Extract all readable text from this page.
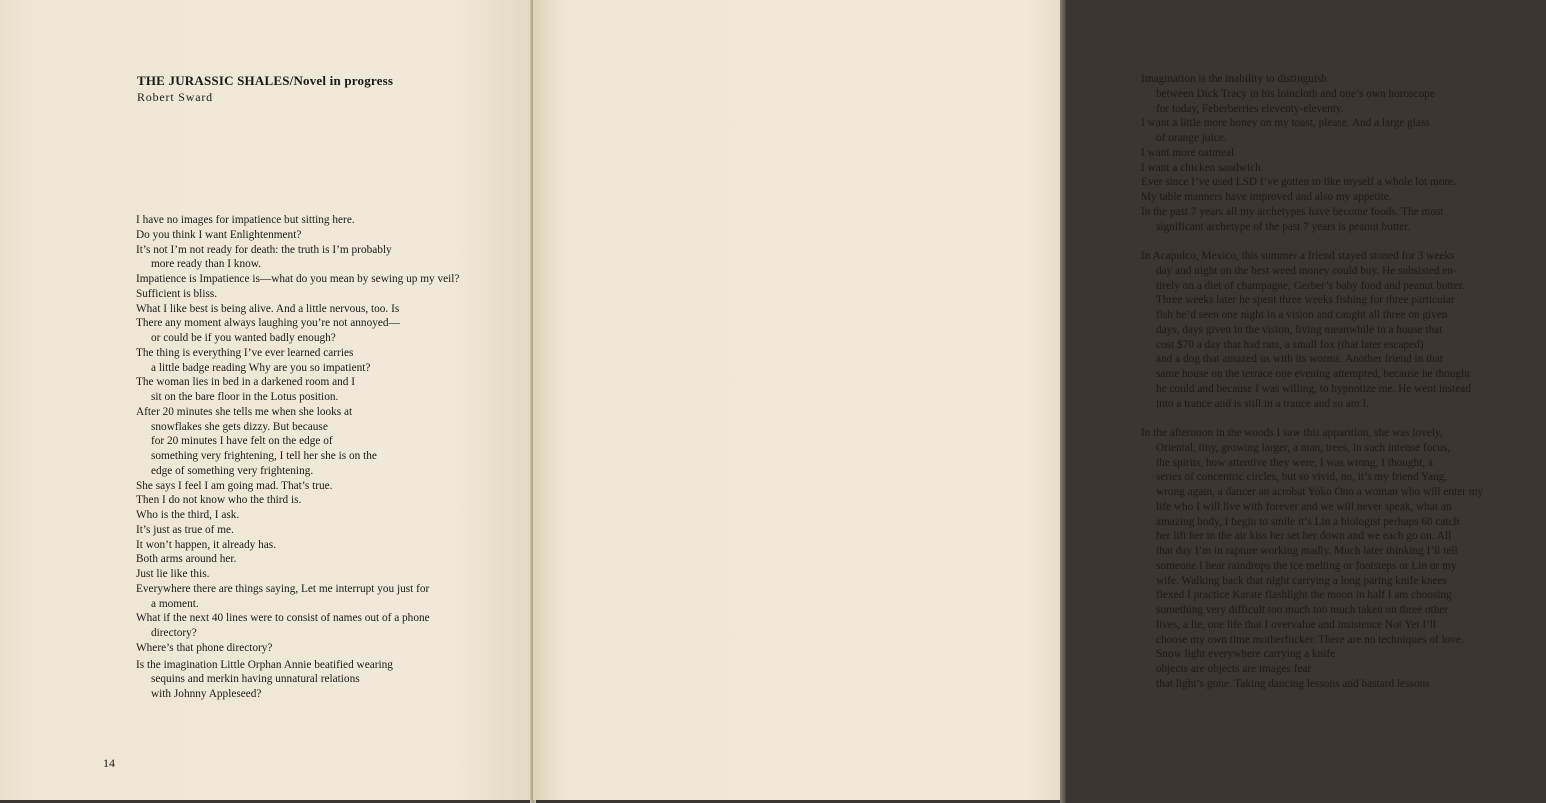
THE JURASSIC SHALES/Novel in progress
Robert Sward
I have no images for impatience but sitting here.
Do you think I want Enlightenment?
It’s not I’m not ready for death: the truth is I’m probably
more ready than I know.
Impatience is Impatience is—what do you mean by sewing up my veil?
Sufficient is bliss.
What I like best is being alive. And a little nervous, too. Is
There any moment always laughing you’re not annoyed—
or could be if you wanted badly enough?
The thing is everything I’ve ever learned carries
a little badge reading Why are you so impatient?
The woman lies in bed in a darkened room and I
sit on the bare floor in the Lotus position.
After 20 minutes she tells me when she looks at
snowflakes she gets dizzy. But because
for 20 minutes I have felt on the edge of
something very frightening, I tell her she is on the
edge of something very frightening.
She says I feel I am going mad. That’s true.
Then I do not know who the third is.
Who is the third, I ask.
It’s just as true of me.
It won’t happen, it already has.
Both arms around her.
Just lie like this.
Everywhere there are things saying, Let me interrupt you just for
a moment.
What if the next 40 lines were to consist of names out of a phone
directory?
Where’s that phone directory?
Is the imagination Little Orphan Annie beatified wearing
sequins and merkin having unnatural relations
with Johnny Appleseed?
14
Imagination is the inability to distinguish
between Dick Tracy in his loincloth and one’s own horoscope
for today, Feberberries eleventy-eleventy.
I want a little more honey on my toast, please. And a large glass
of orange juice.
I want more oatmeal
I want a chicken sandwich.
Ever since I’ve used LSD I’ve gotten to like myself a whole lot more.
My table manners have improved and also my appetite.
In the past 7 years all my archetypes have become foods. The most
significant archetype of the past 7 years is peanut butter.
In Acapulco, Mexico, this summer a friend stayed stoned for 3 weeks
day and night on the best weed money could buy. He subsisted en-
tirely on a diet of champagne, Gerber’s baby food and peanut butter.
Three weeks later he spent three weeks fishing for three particular
fish he’d seen one night in a vision and caught all three on given
days, days given in the vision, living meanwhile in a house that
cost $70 a day that had rats, a small fox (that later escaped)
and a dog that amazed us with its worms. Another friend in that
same house on the terrace one evening attempted, because he thought
he could and because I was willing, to hypnotize me. He went instead
into a trance and is still in a trance and so am I.
In the afternoon in the woods I saw this apparition, she was lovely,
Oriental, tiny, growing larger, a man, trees, in such intense focus,
the spirits, how attentive they were, I was wrong, I thought, a
series of concentric circles, but so vivid, no, it’s my friend Yang,
wrong again, a dancer an acrobat Yoko Ono a woman who will enter my
life who I will live with forever and we will never speak, what an
amazing body, I begin to smile it’s Lin a biologist perhaps 60 catch
her lift her in the air kiss her set her down and we each go on. All
that day I’m in rapture working madly. Much later thinking I’ll tell
someone I hear raindrops the ice melting or footsteps or Lin or my
wife. Walking back that night carrying a long paring knife knees
flexed I practice Karate flashlight the moon in half I am choosing
something very difficult too much too much taken on three other
lives, a lie, one life that I overvalue and insistence Not Yet I’ll
choose my own time motherfucker. There are no techniques of love.
Snow light everywhere carrying a knife
objects are objects are images fear
that light’s gone. Taking dancing lessons and bastard lessons
